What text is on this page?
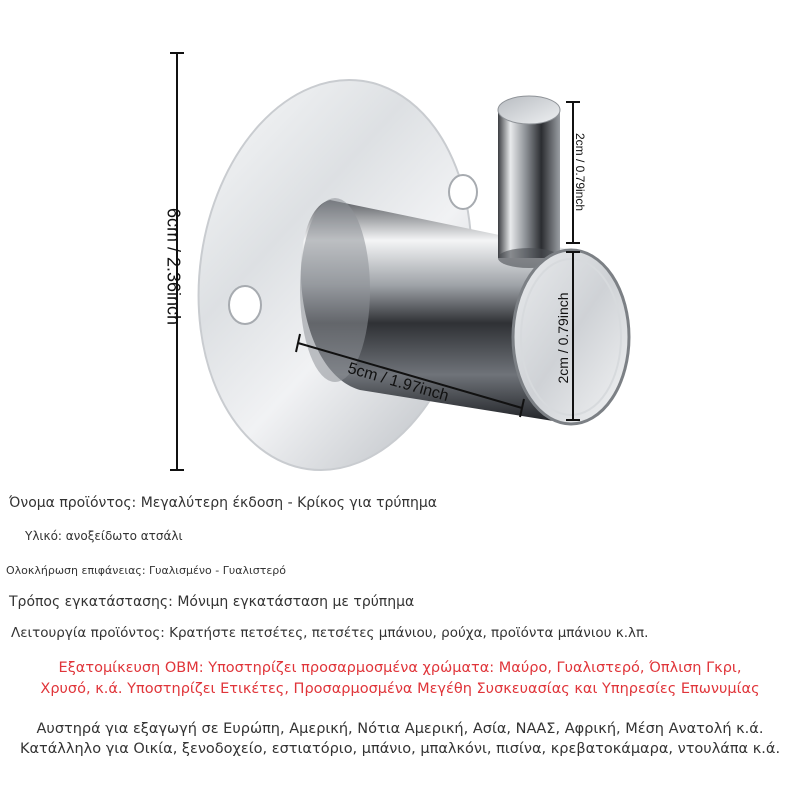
6cm / 2.36inch
5cm / 1.97inch
2cm / 0.79inch
2cm / 0.79inch
Όνομα προϊόντος: Μεγαλύτερη έκδοση - Κρίκος για τρύπημα
Υλικό: ανοξείδωτο ατσάλι
Ολοκλήρωση επιφάνειας: Γυαλισμένο - Γυαλιστερό
Τρόπος εγκατάστασης: Μόνιμη εγκατάσταση με τρύπημα
Λειτουργία προϊόντος: Κρατήστε πετσέτες, πετσέτες μπάνιου, ρούχα, προϊόντα μπάνιου κ.λπ.
Εξατομίκευση OBM: Υποστηρίζει προσαρμοσμένα χρώματα: Μαύρο, Γυαλιστερό, Όπλιση Γκρι,
Χρυσό, κ.ά. Υποστηρίζει Ετικέτες, Προσαρμοσμένα Μεγέθη Συσκευασίας και Υπηρεσίες Επωνυμίας
Αυστηρά για εξαγωγή σε Ευρώπη, Αμερική, Νότια Αμερική, Ασία, ΝΑΑΣ, Αφρική, Μέση Ανατολή κ.ά.
Κατάλληλο για Οικία, ξενοδοχείο, εστιατόριο, μπάνιο, μπαλκόνι, πισίνα, κρεβατοκάμαρα, ντουλάπα κ.ά.
